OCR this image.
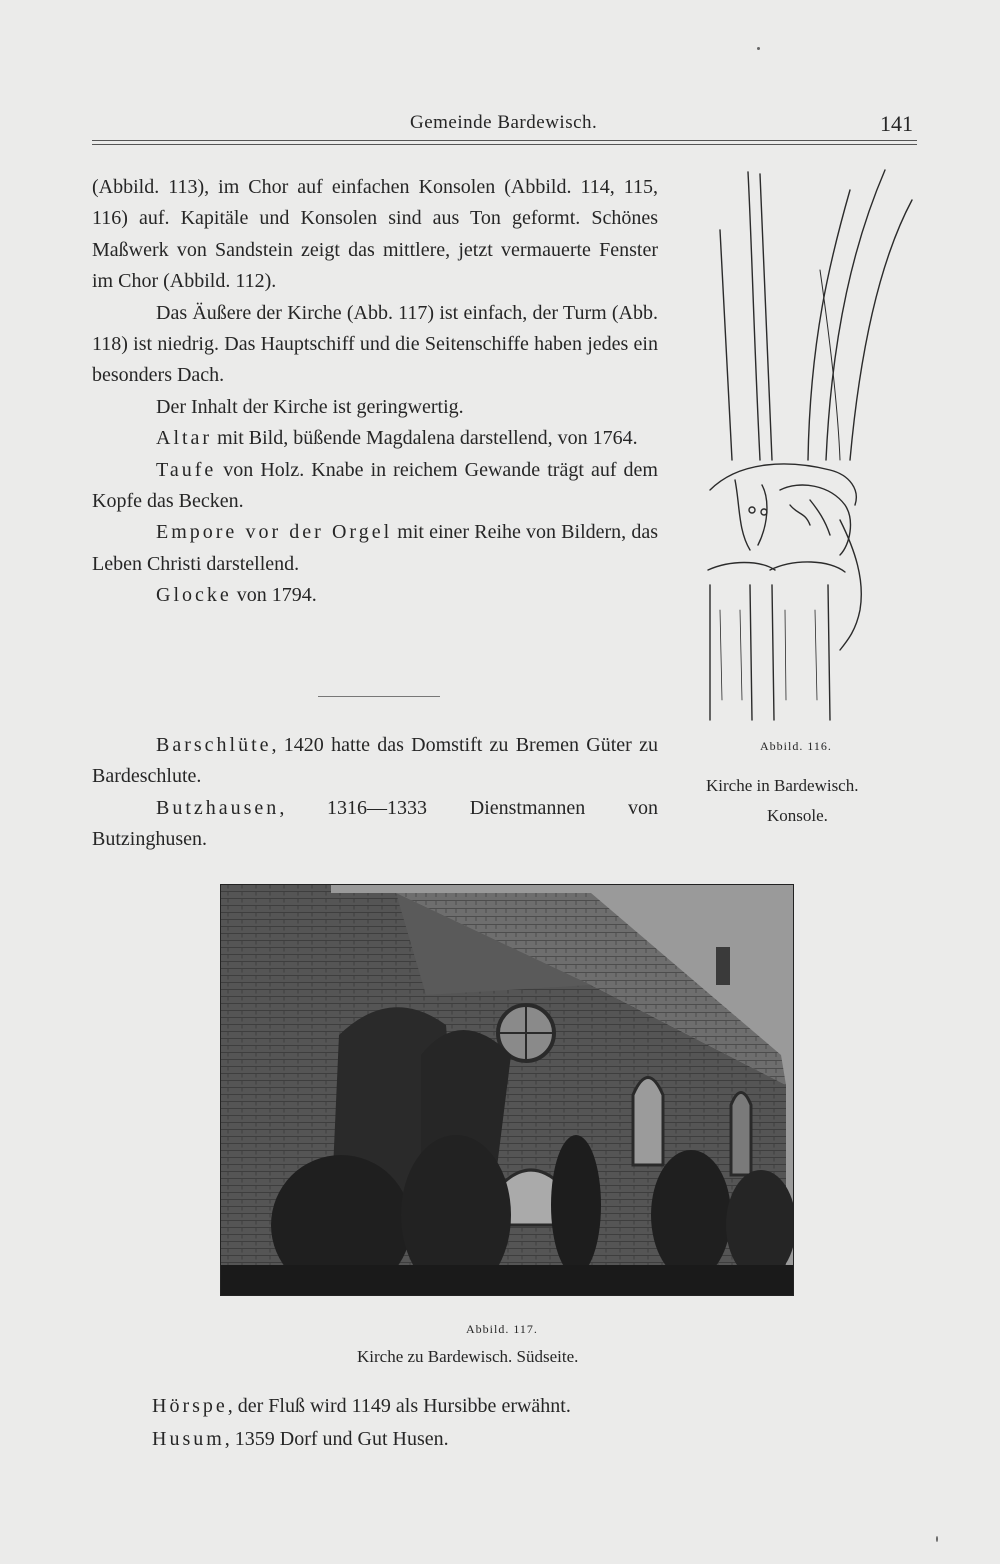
Gemeinde Bardewisch.	141

(Abbild. 113), im Chor auf einfachen Konsolen (Abbild. 114, 115, 116) auf. Kapitäle und Konsolen sind aus Ton geformt. Schönes Maßwerk von Sandstein zeigt das mittlere, jetzt vermauerte Fenster im Chor (Abbild. 112).

Das Äußere der Kirche (Abb. 117) ist einfach, der Turm (Abb. 118) ist niedrig. Das Hauptschiff und die Seitenschiffe haben jedes ein besonders Dach.

Der Inhalt der Kirche ist geringwertig.

Altar mit Bild, büßende Magdalena darstellend, von 1764.

Taufe von Holz. Knabe in reichem Gewande trägt auf dem Kopfe das Becken.

Empore vor der Orgel mit einer Reihe von Bildern, das Leben Christi darstellend.

Glocke von 1794.

Barschlüte, 1420 hatte das Domstift zu Bremen Güter zu Bardeschlute.

Butzhausen, 1316—1333 Dienstmannen von Butzinghusen.

Abbild. 116.
Kirche in Bardewisch.
Konsole.
Abbild. 117.
Kirche zu Bardewisch. Südseite.

Hörspe, der Fluß wird 1149 als Hursibbe erwähnt.

Husum, 1359 Dorf und Gut Husen.
